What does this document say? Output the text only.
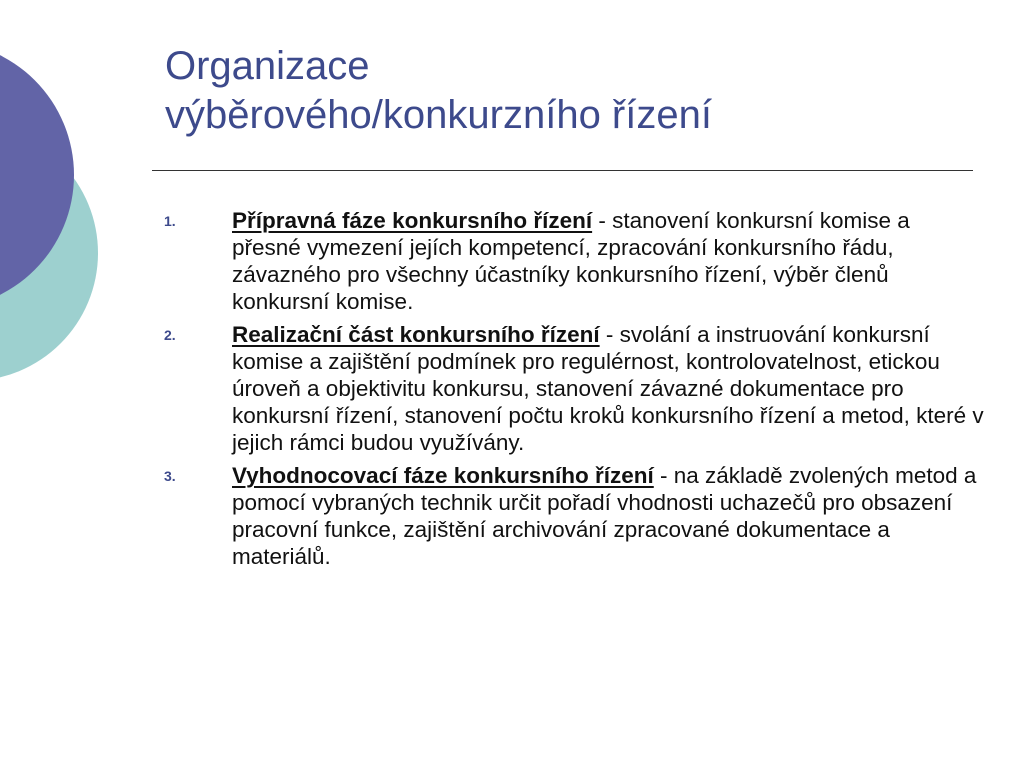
Organizace
výběrového/konkurzního řízení
1.	Přípravná fáze konkursního řízení - stanovení konkursní komise a přesné vymezení jejích kompetencí, zpracování konkursního řádu, závazného pro všechny účastníky konkursního řízení, výběr členů konkursní komise.
2.	Realizační část konkursního řízení - svolání a instruování konkursní komise a zajištění podmínek pro regulérnost, kontrolovatelnost, etickou úroveň a objektivitu konkursu, stanovení závazné dokumentace pro konkursní řízení, stanovení počtu kroků konkursního řízení a metod, které v jejich rámci budou využívány.
3.	Vyhodnocovací fáze konkursního řízení - na základě zvolených metod a pomocí vybraných technik určit pořadí vhodnosti uchazečů pro obsazení pracovní funkce, zajištění archivování zpracované dokumentace a materiálů.
